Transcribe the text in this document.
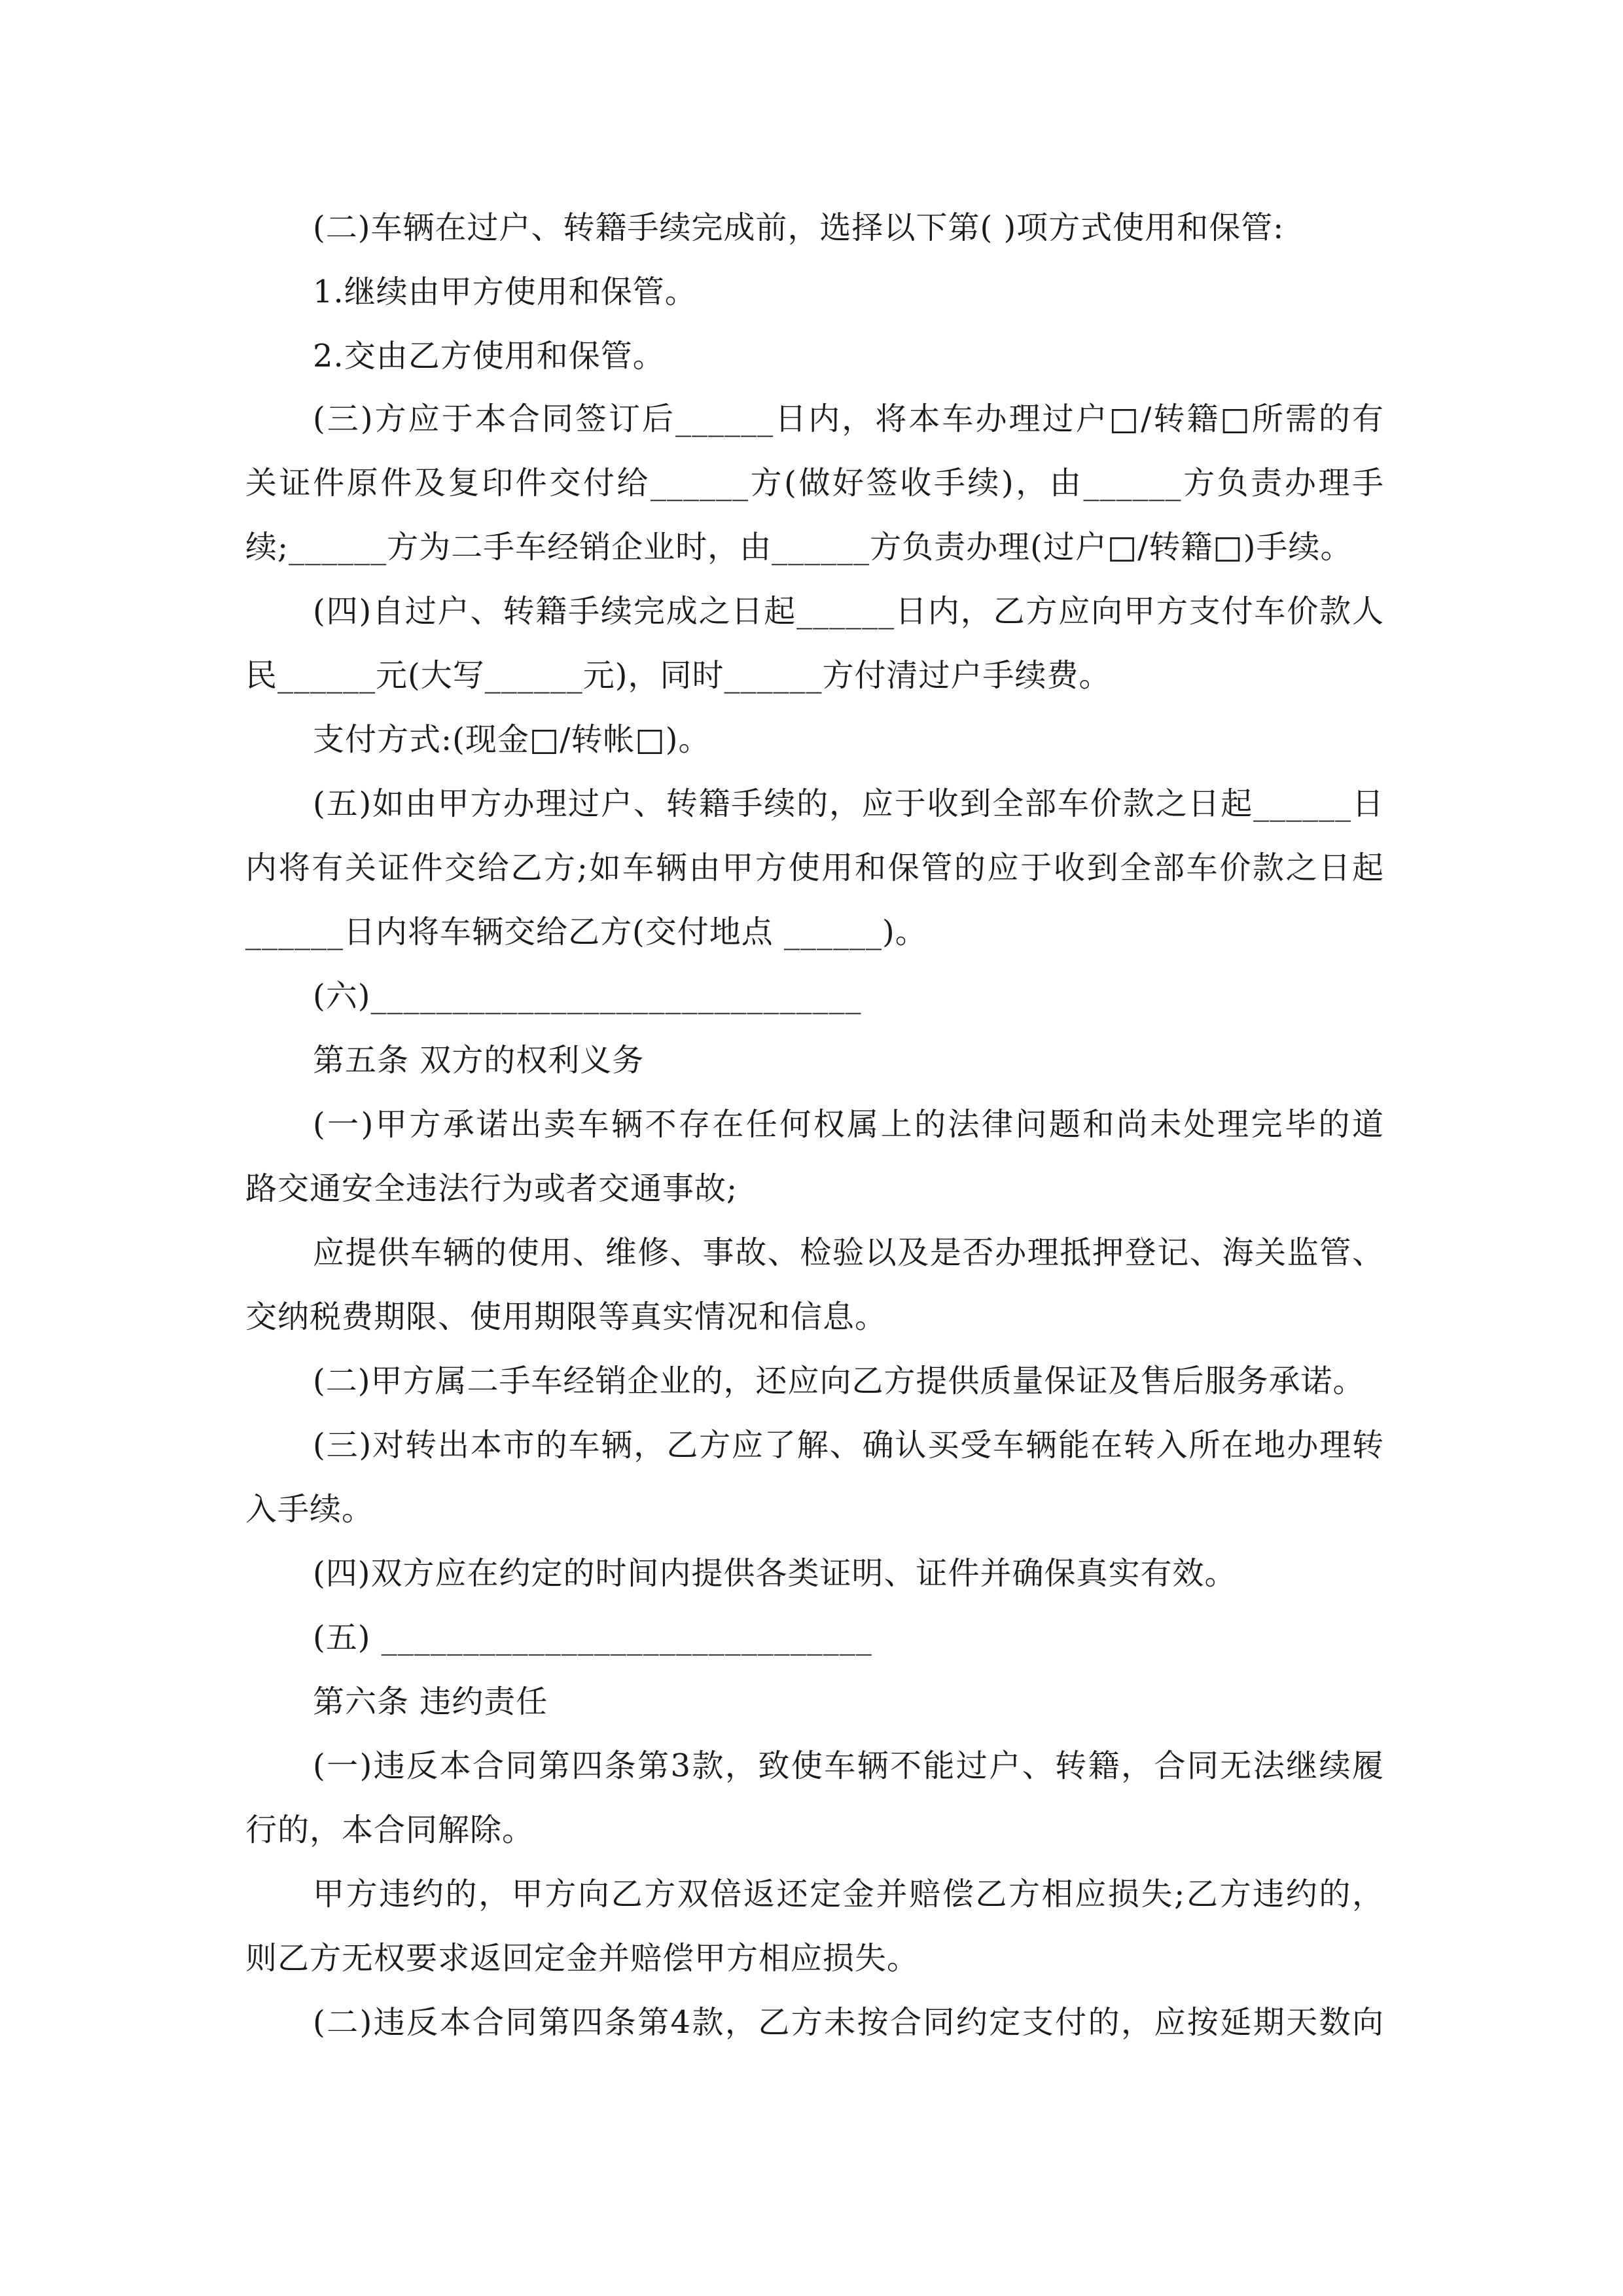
(二)车辆在过户、转籍手续完成前，选择以下第( )项方式使用和保管:
1.继续由甲方使用和保管。
2.交由乙方使用和保管。
(三)方应于本合同签订后______日内，将本车办理过户□/转籍□所需的有
关证件原件及复印件交付给______方(做好签收手续)，由______方负责办理手
续;______方为二手车经销企业时，由______方负责办理(过户□/转籍□)手续。
(四)自过户、转籍手续完成之日起______日内，乙方应向甲方支付车价款人
民______元(大写______元)，同时______方付清过户手续费。
支付方式:(现金□/转帐□)。
(五)如由甲方办理过户、转籍手续的，应于收到全部车价款之日起______日
内将有关证件交给乙方;如车辆由甲方使用和保管的应于收到全部车价款之日起
______日内将车辆交给乙方(交付地点 ______)。
(六)______________________________
第五条 双方的权利义务
(一)甲方承诺出卖车辆不存在任何权属上的法律问题和尚未处理完毕的道
路交通安全违法行为或者交通事故;
应提供车辆的使用、维修、事故、检验以及是否办理抵押登记、海关监管、
交纳税费期限、使用期限等真实情况和信息。
(二)甲方属二手车经销企业的，还应向乙方提供质量保证及售后服务承诺。
(三)对转出本市的车辆，乙方应了解、确认买受车辆能在转入所在地办理转
入手续。
(四)双方应在约定的时间内提供各类证明、证件并确保真实有效。
(五) ______________________________
第六条 违约责任
(一)违反本合同第四条第3款，致使车辆不能过户、转籍，合同无法继续履
行的，本合同解除。
甲方违约的，甲方向乙方双倍返还定金并赔偿乙方相应损失;乙方违约的，
则乙方无权要求返回定金并赔偿甲方相应损失。
(二)违反本合同第四条第4款，乙方未按合同约定支付的，应按延期天数向
